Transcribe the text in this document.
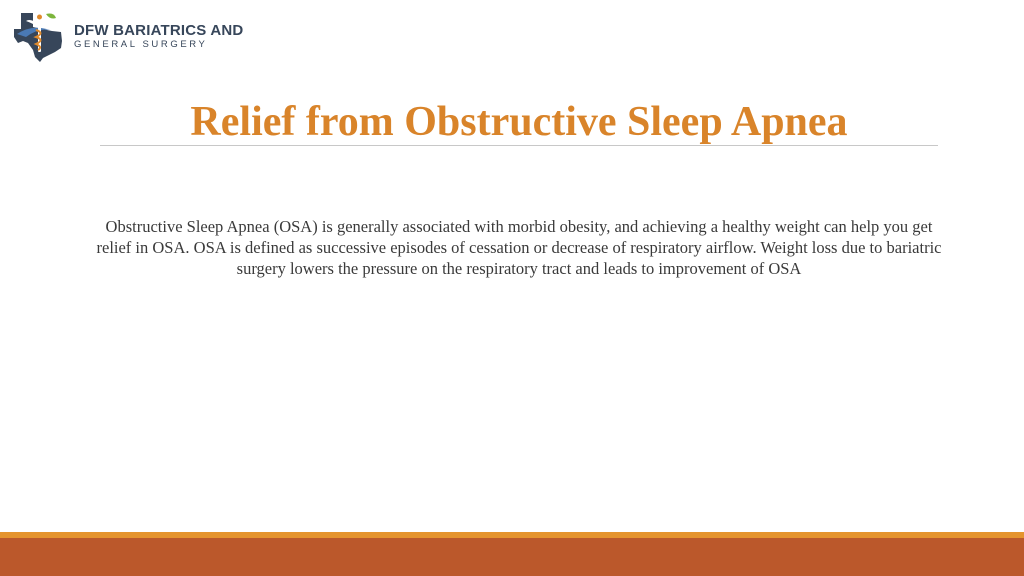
DFW BARIATRICS AND
GENERAL SURGERY
Relief from Obstructive Sleep Apnea

Obstructive Sleep Apnea (OSA) is generally associated with morbid obesity, and achieving a healthy weight can help you get relief in OSA. OSA is defined as successive episodes of cessation or decrease of respiratory airflow. Weight loss due to bariatric surgery lowers the pressure on the respiratory tract and leads to improvement of OSA
